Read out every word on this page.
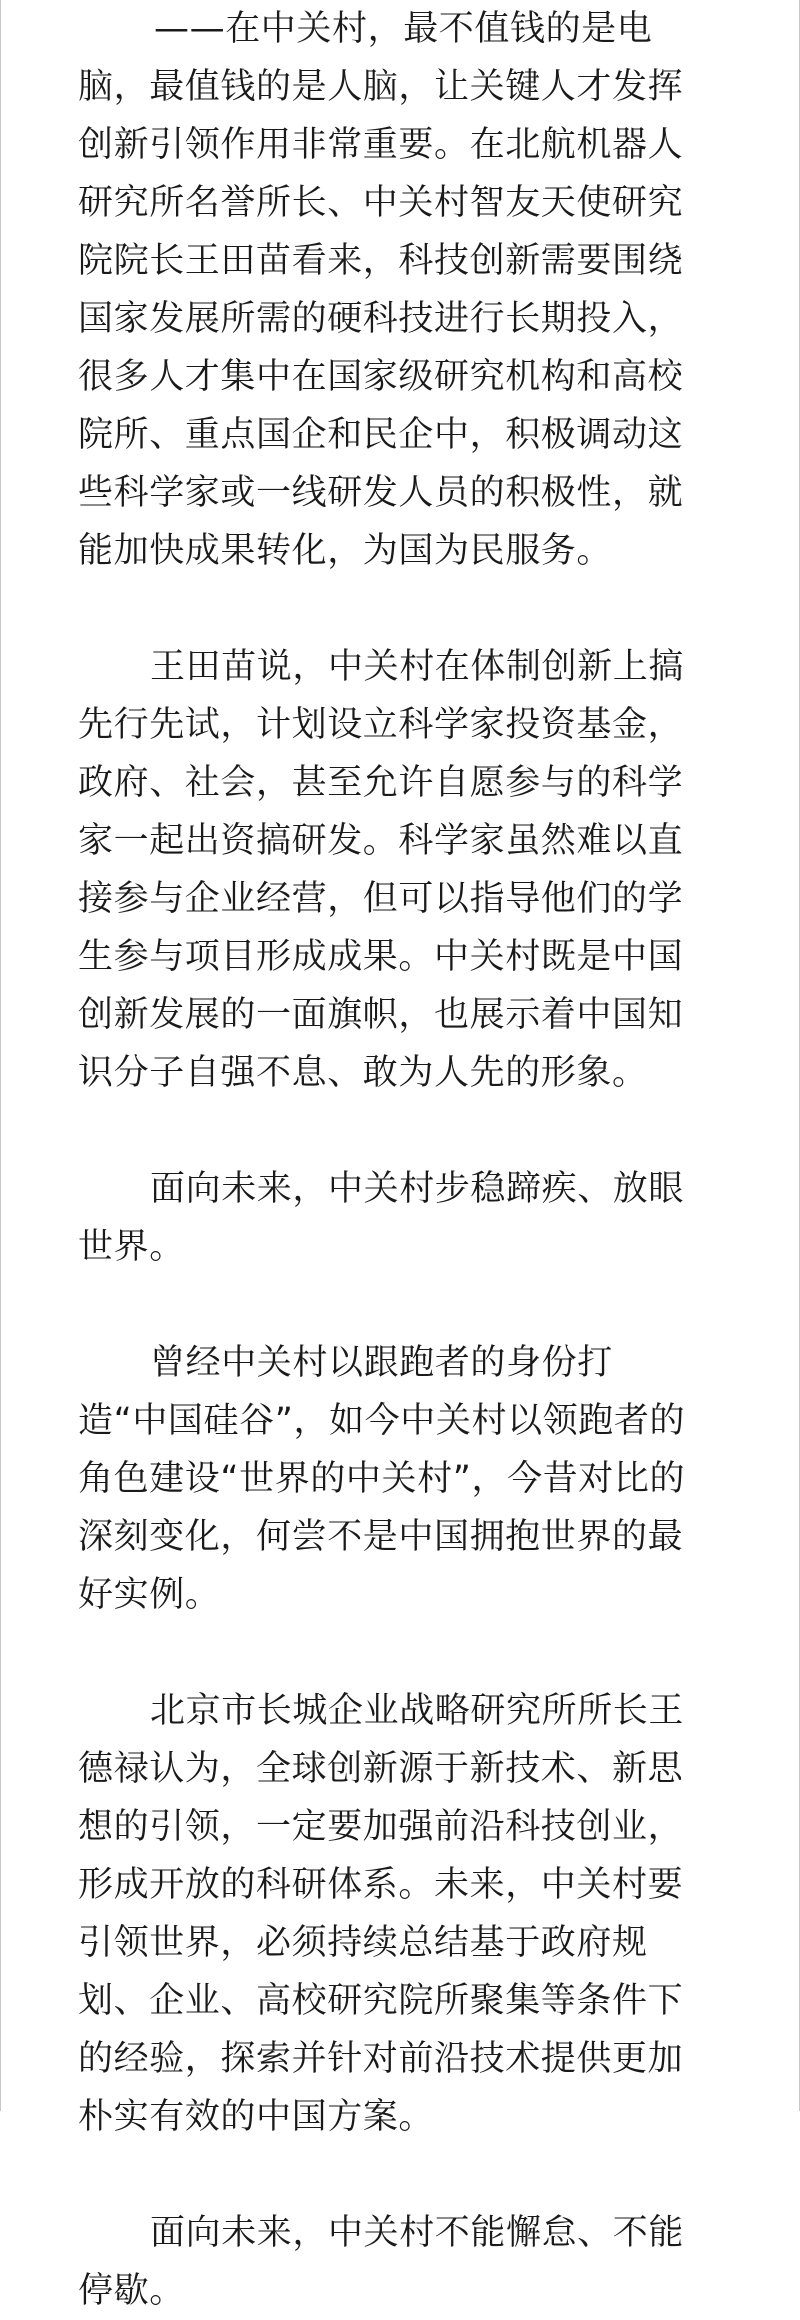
——在中关村，最不值钱的是电脑，最值钱的是人脑，让关键人才发挥创新引领作用非常重要。在北航机器人研究所名誉所长、中关村智友天使研究院院长王田苗看来，科技创新需要围绕国家发展所需的硬科技进行长期投入，很多人才集中在国家级研究机构和高校院所、重点国企和民企中，积极调动这些科学家或一线研发人员的积极性，就能加快成果转化，为国为民服务。

王田苗说，中关村在体制创新上搞先行先试，计划设立科学家投资基金，政府、社会，甚至允许自愿参与的科学家一起出资搞研发。科学家虽然难以直接参与企业经营，但可以指导他们的学生参与项目形成成果。中关村既是中国创新发展的一面旗帜，也展示着中国知识分子自强不息、敢为人先的形象。

面向未来，中关村步稳蹄疾、放眼世界。

曾经中关村以跟跑者的身份打造“中国硅谷”，如今中关村以领跑者的角色建设“世界的中关村”，今昔对比的深刻变化，何尝不是中国拥抱世界的最好实例。

北京市长城企业战略研究所所长王德禄认为，全球创新源于新技术、新思想的引领，一定要加强前沿科技创业，形成开放的科研体系。未来，中关村要引领世界，必须持续总结基于政府规划、企业、高校研究院所聚集等条件下的经验，探索并针对前沿技术提供更加朴实有效的中国方案。

面向未来，中关村不能懈怠、不能停歇。
